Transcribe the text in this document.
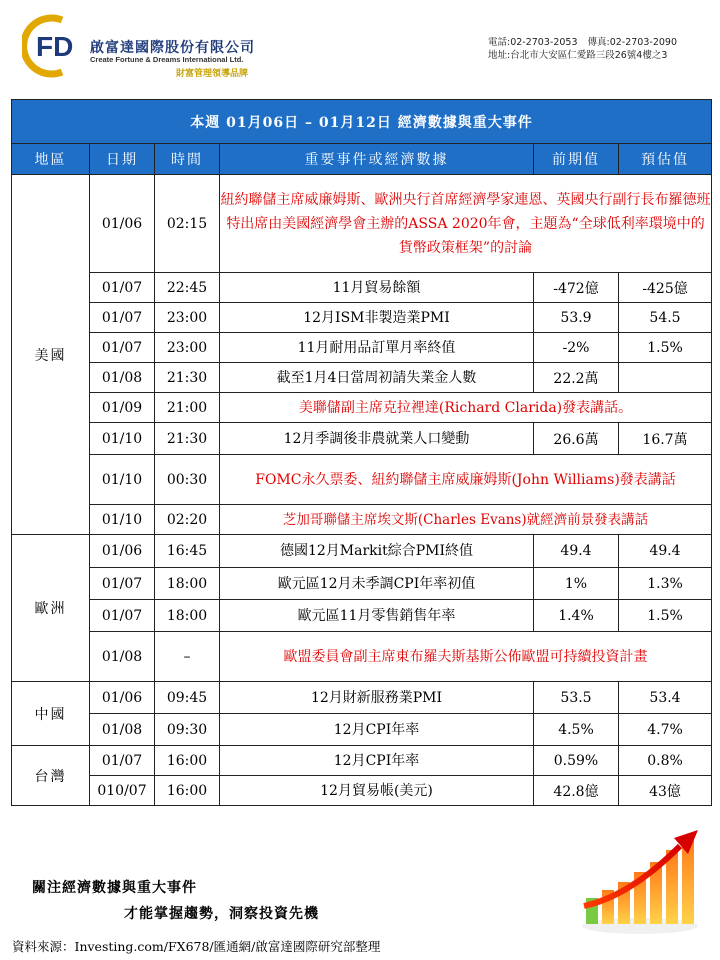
FD 啟富達國際股份有限公司
Create Fortune & Dreams International Ltd.
財富管理領導品牌
電話:02-2703-2053 傳真:02-2703-2090
地址:台北市大安區仁愛路三段26號4樓之3
本週 01月06日 – 01月12日 經濟數據與重大事件					
地區	日期	時間	重要事件或經濟數據	前期值	預估值
美國	01/06	02:15	紐約聯儲主席威廉姆斯、歐洲央行首席經濟學家連恩、英國央行副行長布羅德班特出席由美國經濟學會主辦的ASSA 2020年會，主題為“全球低利率環境中的貨幣政策框架”的討論		
	01/07	22:45	11月貿易餘額	-472億	-425億
	01/07	23:00	12月ISM非製造業PMI	53.9	54.5
	01/07	23:00	11月耐用品訂單月率終值	-2%	1.5%
	01/08	21:30	截至1月4日當周初請失業金人數	22.2萬	
	01/09	21:00	美聯儲副主席克拉裡達(Richard Clarida)發表講話。		
	01/10	21:30	12月季調後非農就業人口變動	26.6萬	16.7萬
	01/10	00:30	FOMC永久票委、紐約聯儲主席威廉姆斯(John Williams)發表講話		
	01/10	02:20	芝加哥聯儲主席埃文斯(Charles Evans)就經濟前景發表講話		
歐洲	01/06	16:45	德國12月Markit綜合PMI終值	49.4	49.4
	01/07	18:00	歐元區12月未季調CPI年率初值	1%	1.3%
	01/07	18:00	歐元區11月零售銷售年率	1.4%	1.5%
	01/08	–	歐盟委員會副主席東布羅夫斯基斯公佈歐盟可持續投資計畫		
中國	01/06	09:45	12月財新服務業PMI	53.5	53.4
	01/08	09:30	12月CPI年率	4.5%	4.7%
台灣	01/07	16:00	12月CPI年率	0.59%	0.8%
	010/07	16:00	12月貿易帳(美元)	42.8億	43億
關注經濟數據與重大事件
才能掌握趨勢，洞察投資先機
資料來源：Investing.com/FX678/匯通網/啟富達國際研究部整理
